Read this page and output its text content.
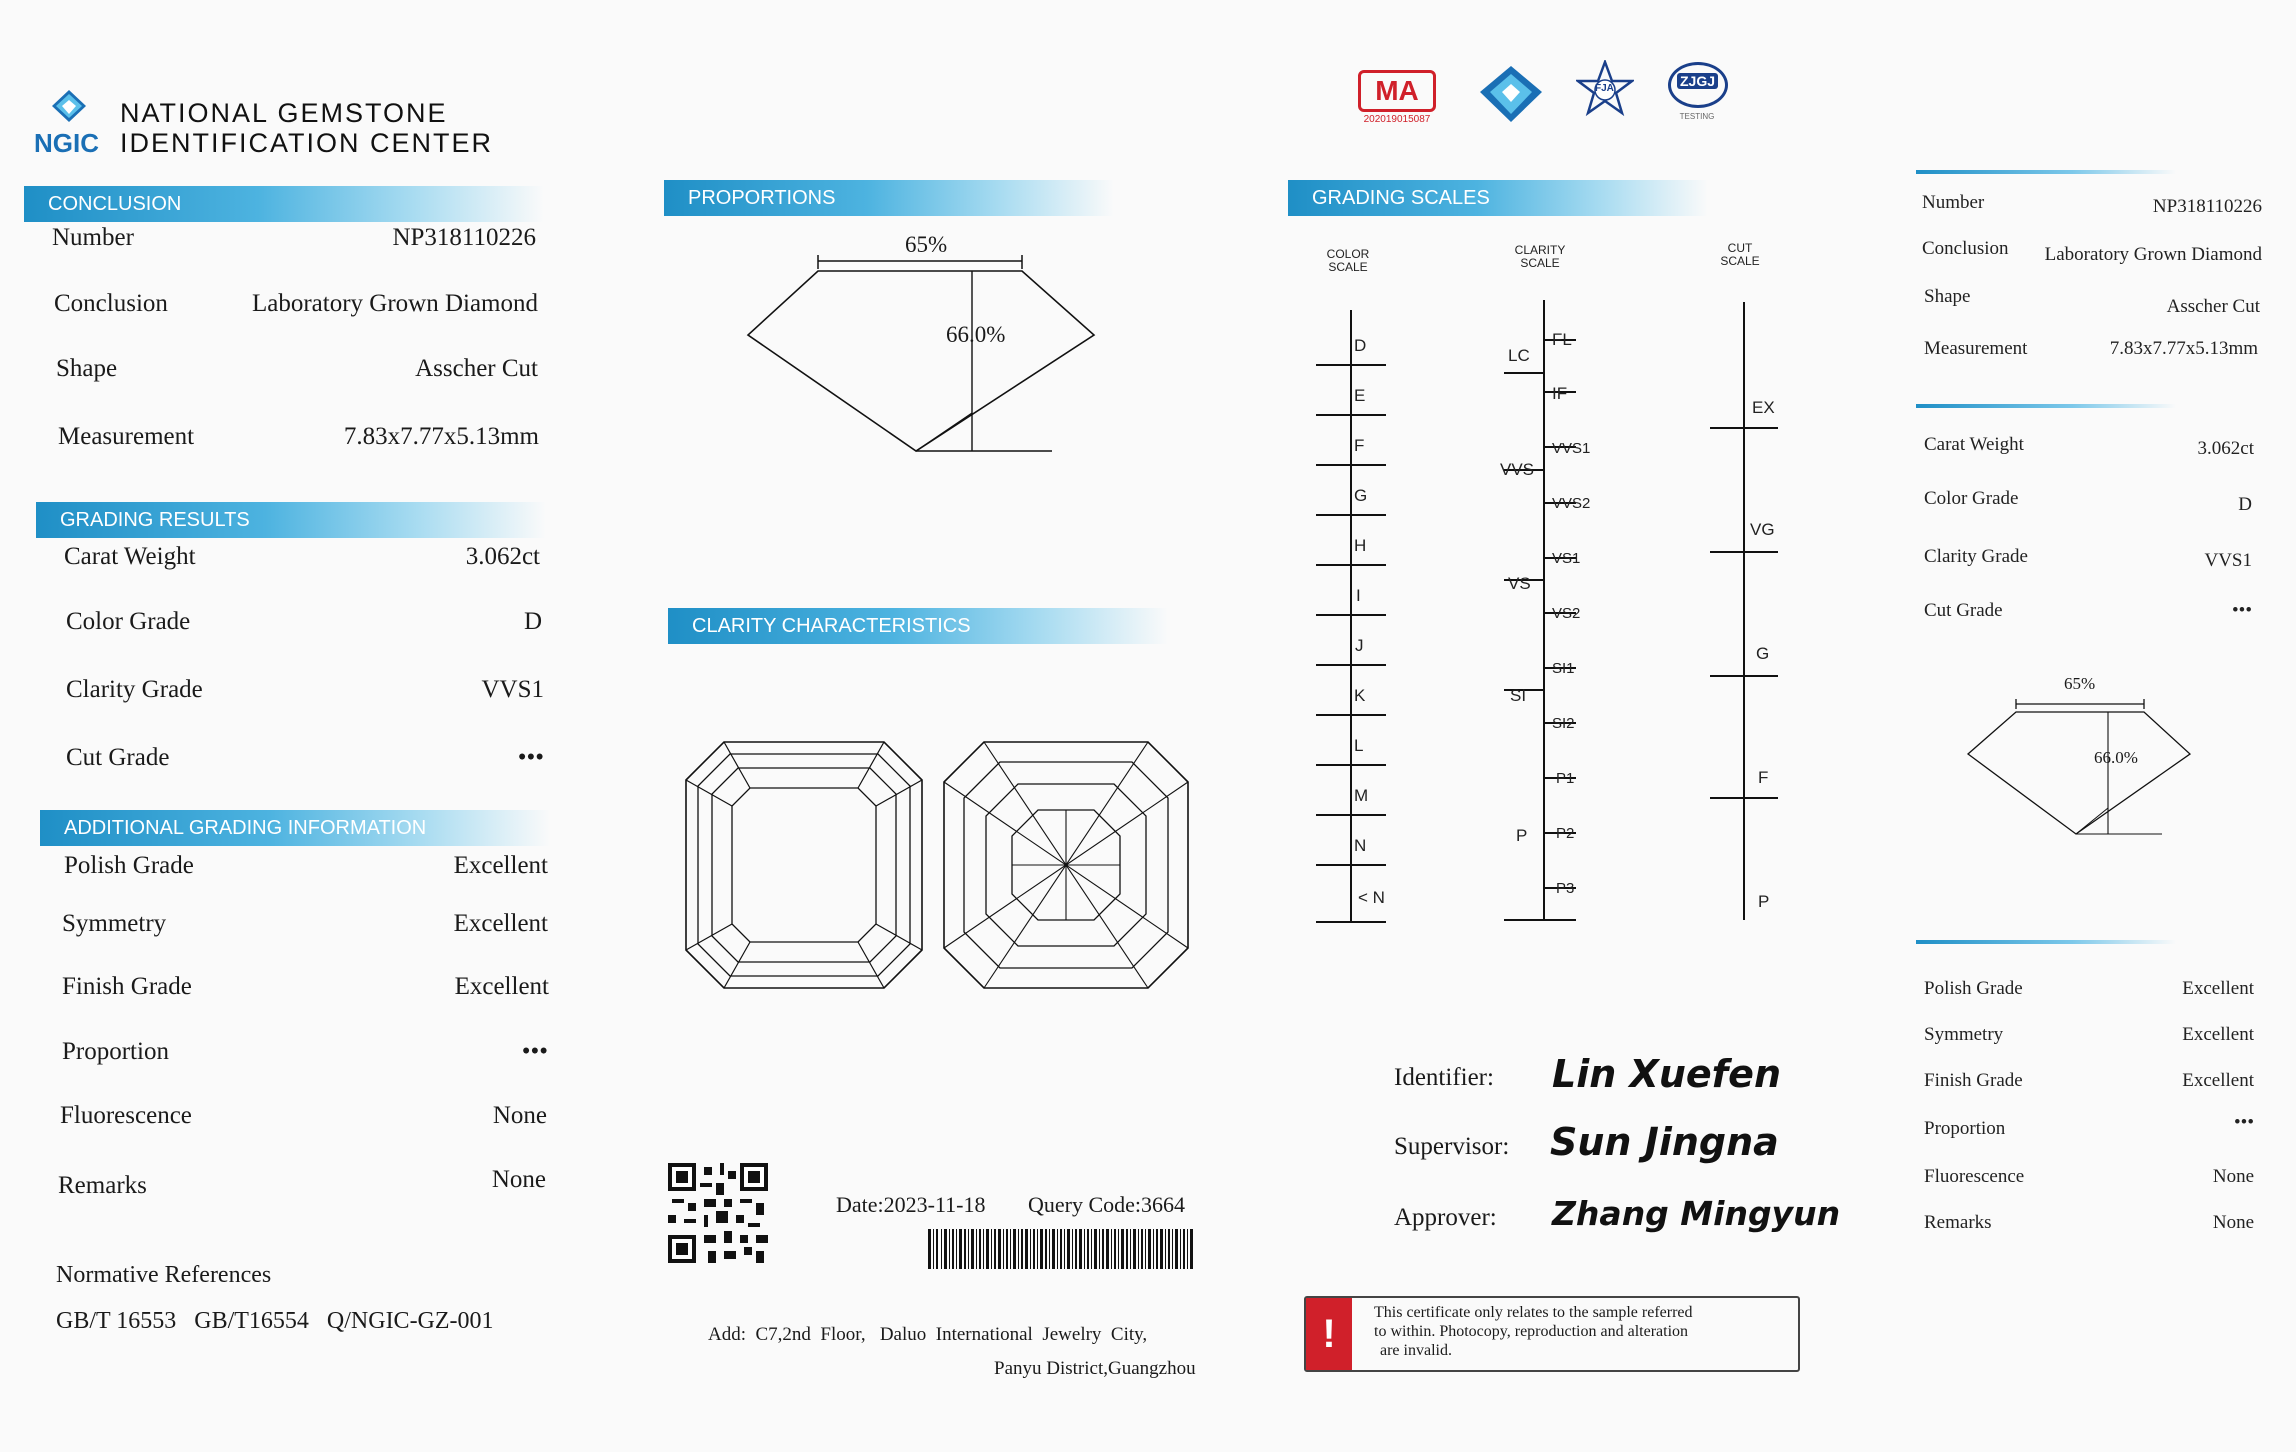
NGIC
NATIONAL GEMSTONE
IDENTIFICATION CENTER
CONCLUSION
Number	NP318110226
Conclusion	Laboratory Grown Diamond
Shape	Asscher Cut
Measurement	7.83x7.77x5.13mm
GRADING RESULTS
Carat Weight	3.062ct
Color Grade	D
Clarity Grade	VVS1
Cut Grade	•••
ADDITIONAL GRADING INFORMATION
Polish Grade	Excellent
Symmetry	Excellent
Finish Grade	Excellent
Proportion	•••
Fluorescence	None
Remarks	None
Normative References
GB/T 16553   GB/T16554   Q/NGIC-GZ-001
PROPORTIONS
65%
66.0%
CLARITY CHARACTERISTICS
Date:2023-11-18 Query Code:3664
Add:  C7,2nd  Floor,   Daluo  International  Jewelry  City,
Panyu District,Guangzhou
MA
202019015087
FJA	ZJGJ
TESTING
GRADING SCALES
COLOR SCALE
D
E
F
G
H
I
J
K
L
M
N
< N
CLARITY SCALE
LC
VVS
VS
SI
P
FL
IF
VVS1
VVS2
VS1
VS2
SI1
SI2
P1
P2
P3
CUT SCALE
EX
VG
G
F
P
Identifier: Lin Xuefen
Supervisor: Sun Jingna
Approver: Zhang Mingyun
!	This certificate only relates to the sample referred
to within. Photocopy, reproduction and alteration
are invalid.
Number	NP318110226
Conclusion Laboratory Grown Diamond
Shape	Asscher Cut
Measurement	7.83x7.77x5.13mm
Carat Weight	3.062ct
Color Grade	D
Clarity Grade	VVS1
Cut Grade	•••
65%
66.0%
Polish Grade	Excellent
Symmetry	Excellent
Finish Grade	Excellent
Proportion	•••
Fluorescence	None
Remarks	None
